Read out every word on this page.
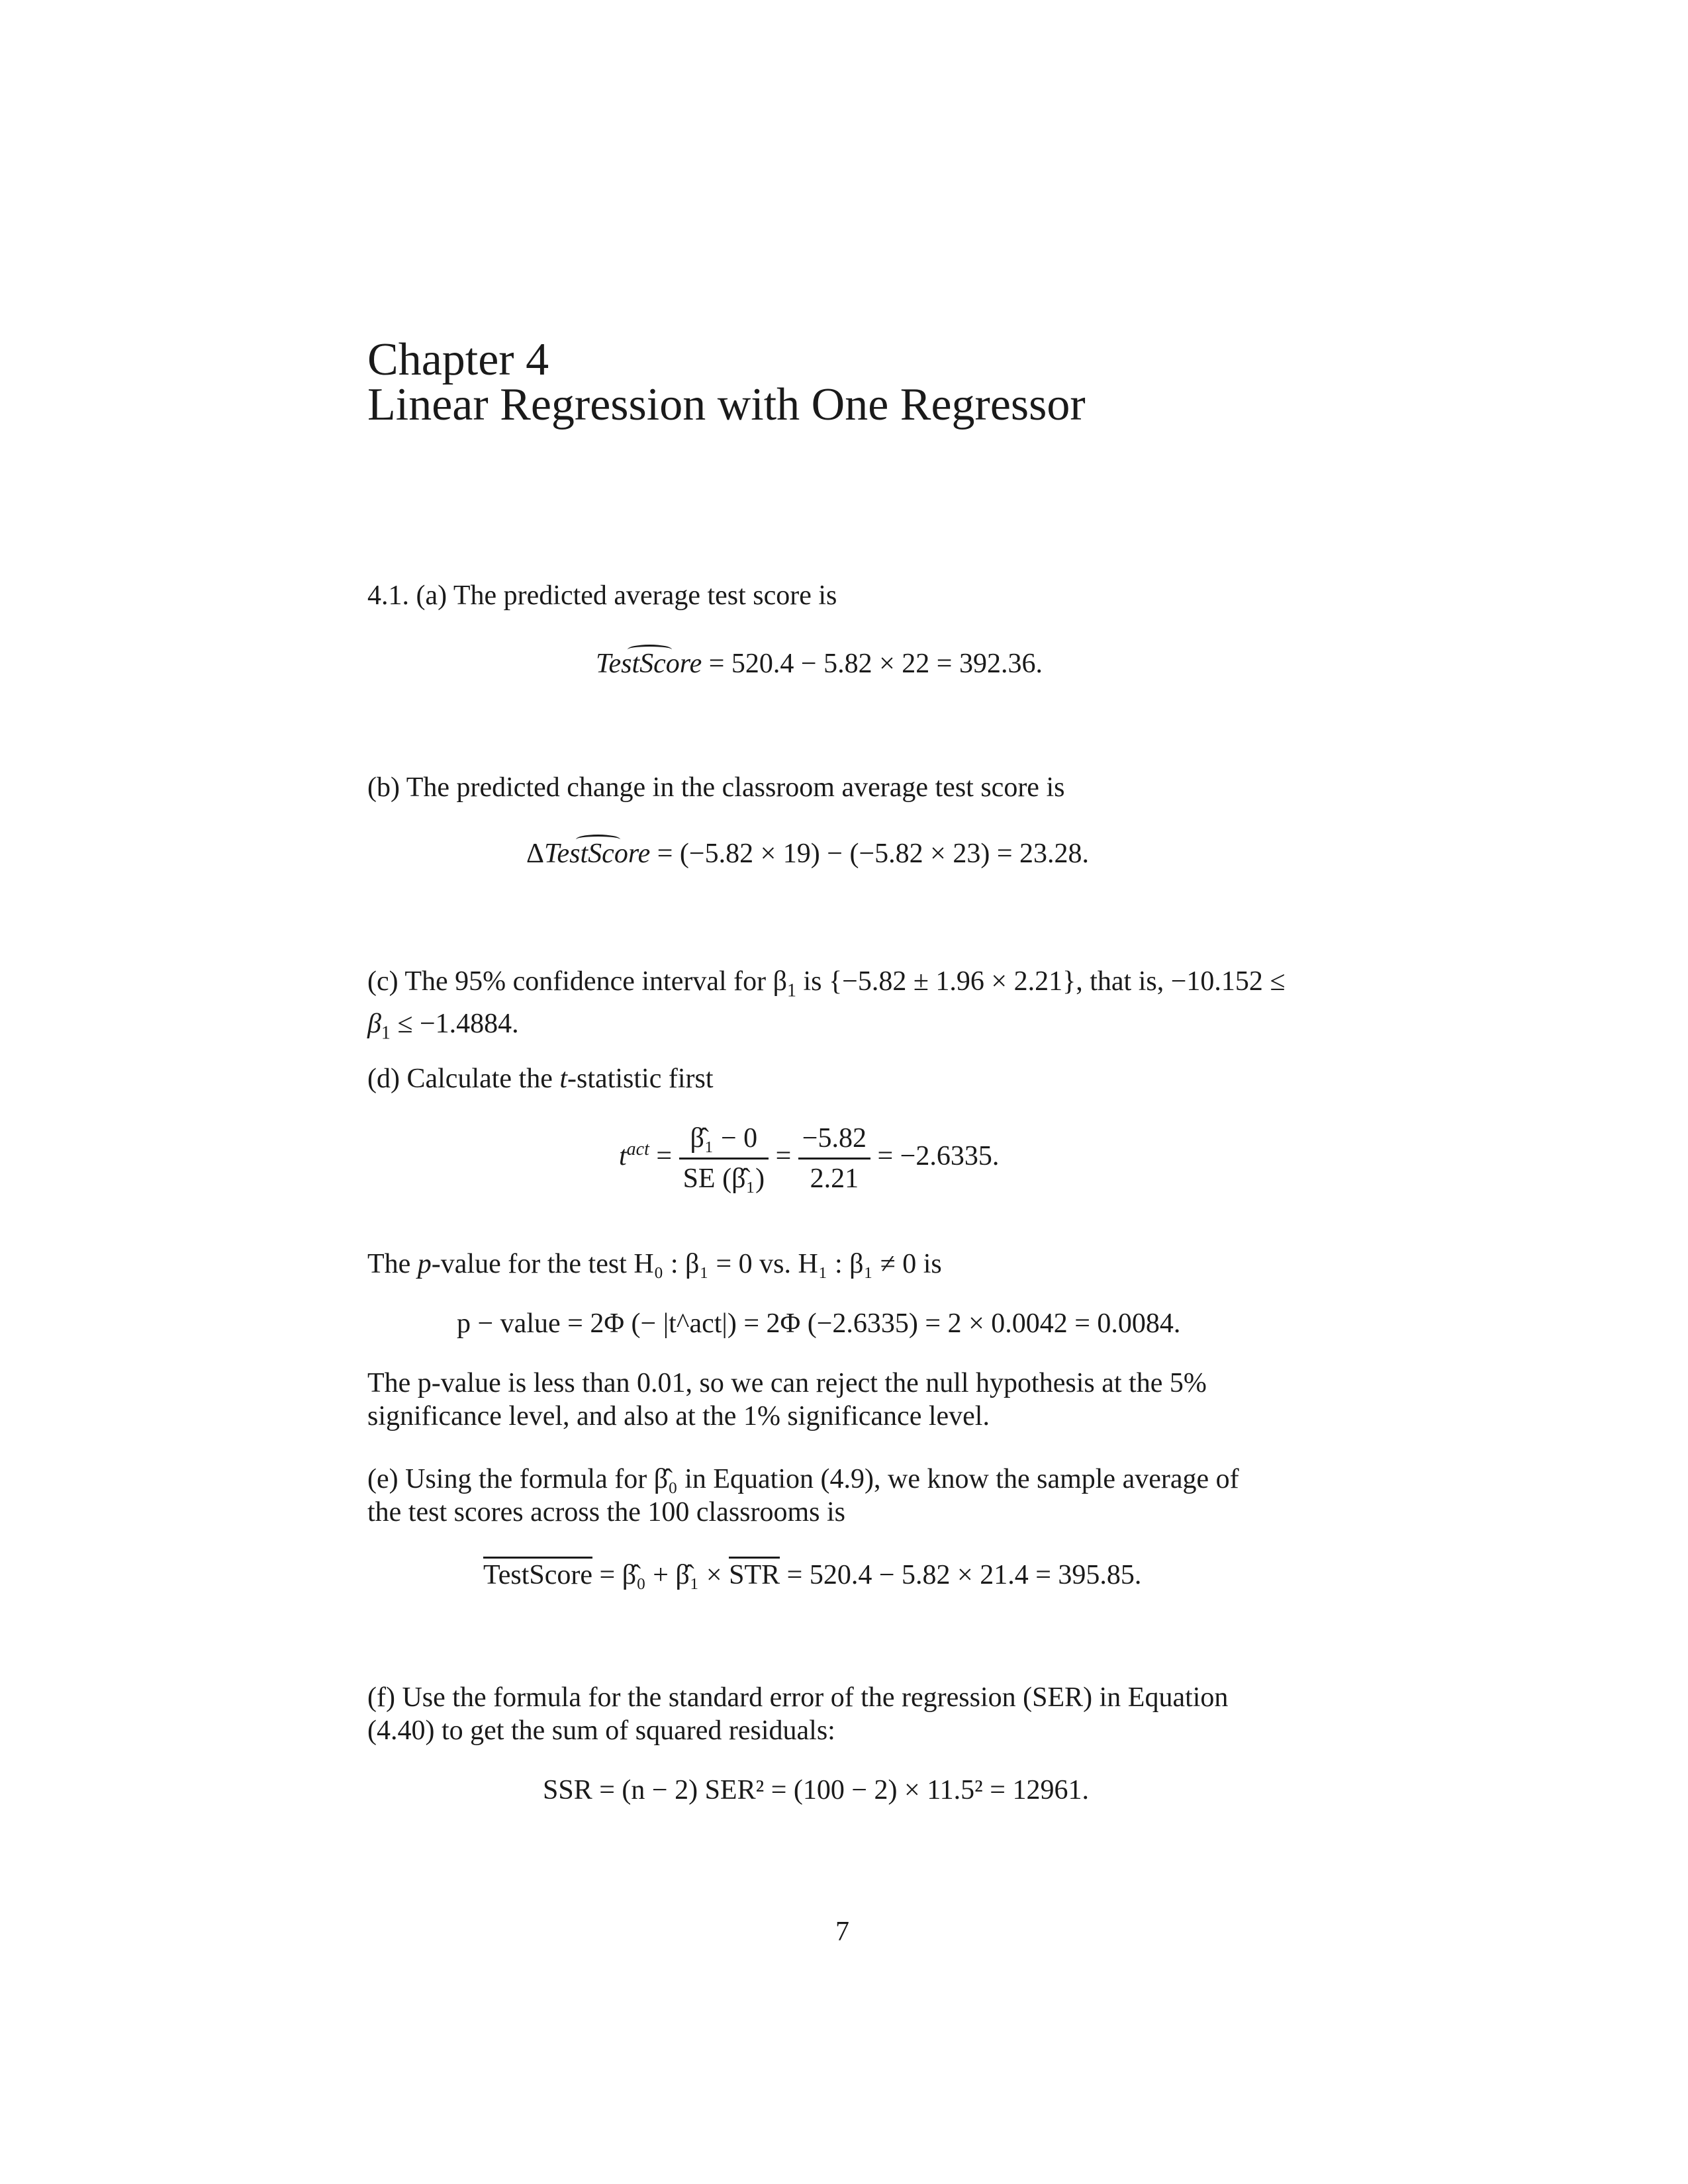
Chapter 4
Linear Regression with One Regressor
4.1. (a) The predicted average test score is
TestScore = 520.4 − 5.82 × 22 = 392.36.
(b) The predicted change in the classroom average test score is
ΔTestScore = (−5.82 × 19) − (−5.82 × 23) = 23.28.
(c) The 95% confidence interval for $\beta_1$ is {−5.82 ± 1.96 × 2.21}, that is, −10.152 ≤
$\beta_1 \le -1.4884$.
(d) Calculate the t-statistic first
$t^{act} = \frac{\text{β̂₁ − 0}}{\text{SE (β̂₁)}} = \frac{-5.82}{2.21} = -2.6335$.
The p-value for the test H₀ : β₁ = 0 vs. H₁ : β₁ ≠ 0 is
p − value = 2Φ (− |t^act|) = 2Φ (−2.6335) = 2 × 0.0042 = 0.0084.
The p-value is less than 0.01, so we can reject the null hypothesis at the 5%
significance level, and also at the 1% significance level.
(e) Using the formula for β̂₀ in Equation (4.9), we know the sample average of
the test scores across the 100 classrooms is
TestScore = β̂₀ + β̂₁ × STR = 520.4 − 5.82 × 21.4 = 395.85.
(f) Use the formula for the standard error of the regression (SER) in Equation
(4.40) to get the sum of squared residuals:
SSR = (n − 2) SER² = (100 − 2) × 11.5² = 12961.
7
